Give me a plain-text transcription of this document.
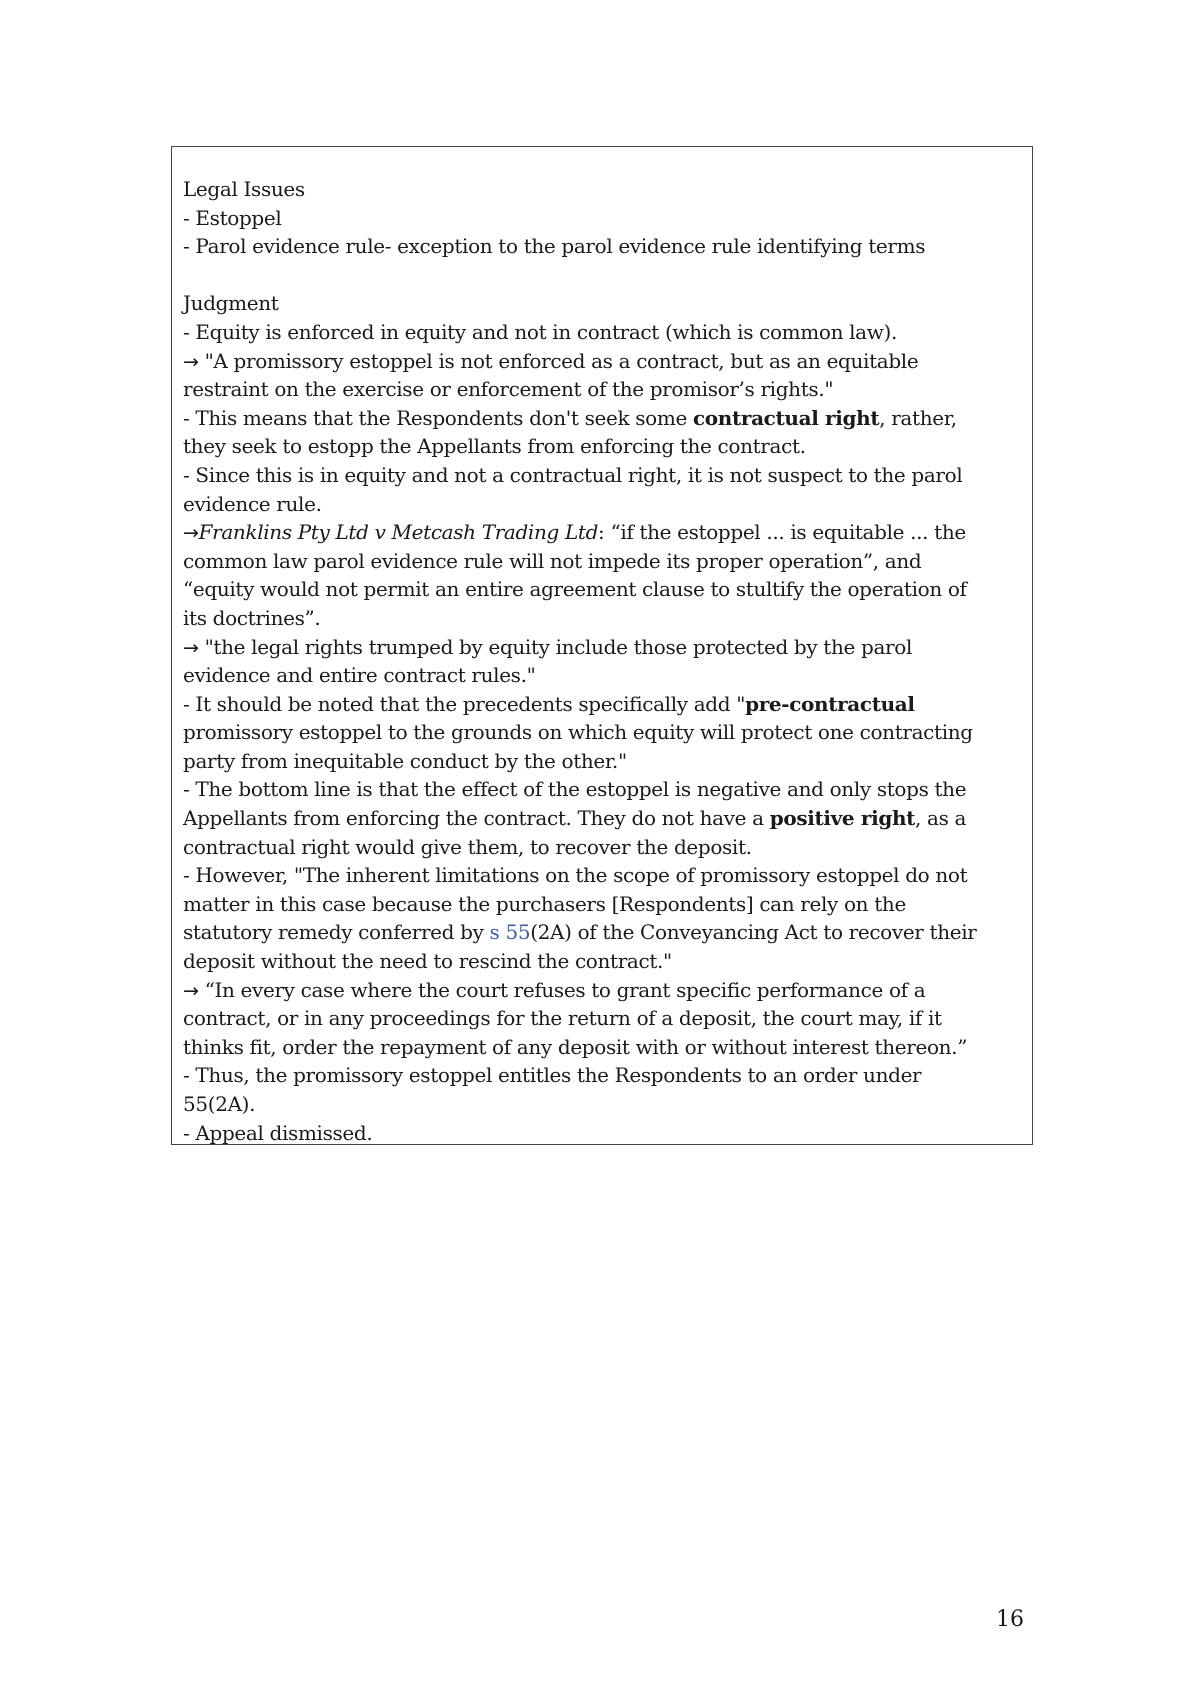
Legal Issues
- Estoppel
- Parol evidence rule- exception to the parol evidence rule identifying terms
Judgment
- Equity is enforced in equity and not in contract (which is common law).
→ "A promissory estoppel is not enforced as a contract, but as an equitable
restraint on the exercise or enforcement of the promisor’s rights."
- This means that the Respondents don't seek some contractual right, rather,
they seek to estopp the Appellants from enforcing the contract.
- Since this is in equity and not a contractual right, it is not suspect to the parol
evidence rule.
→Franklins Pty Ltd v Metcash Trading Ltd: “if the estoppel ... is equitable ... the
common law parol evidence rule will not impede its proper operation”, and
“equity would not permit an entire agreement clause to stultify the operation of
its doctrines”.
→ "the legal rights trumped by equity include those protected by the parol
evidence and entire contract rules."
- It should be noted that the precedents specifically add "pre-contractual
promissory estoppel to the grounds on which equity will protect one contracting
party from inequitable conduct by the other."
- The bottom line is that the effect of the estoppel is negative and only stops the
Appellants from enforcing the contract. They do not have a positive right, as a
contractual right would give them, to recover the deposit.
- However, "The inherent limitations on the scope of promissory estoppel do not
matter in this case because the purchasers [Respondents] can rely on the
statutory remedy conferred by s 55(2A) of the Conveyancing Act to recover their
deposit without the need to rescind the contract."
→ “In every case where the court refuses to grant specific performance of a
contract, or in any proceedings for the return of a deposit, the court may, if it
thinks fit, order the repayment of any deposit with or without interest thereon.”
- Thus, the promissory estoppel entitles the Respondents to an order under
55(2A).
- Appeal dismissed.
16
